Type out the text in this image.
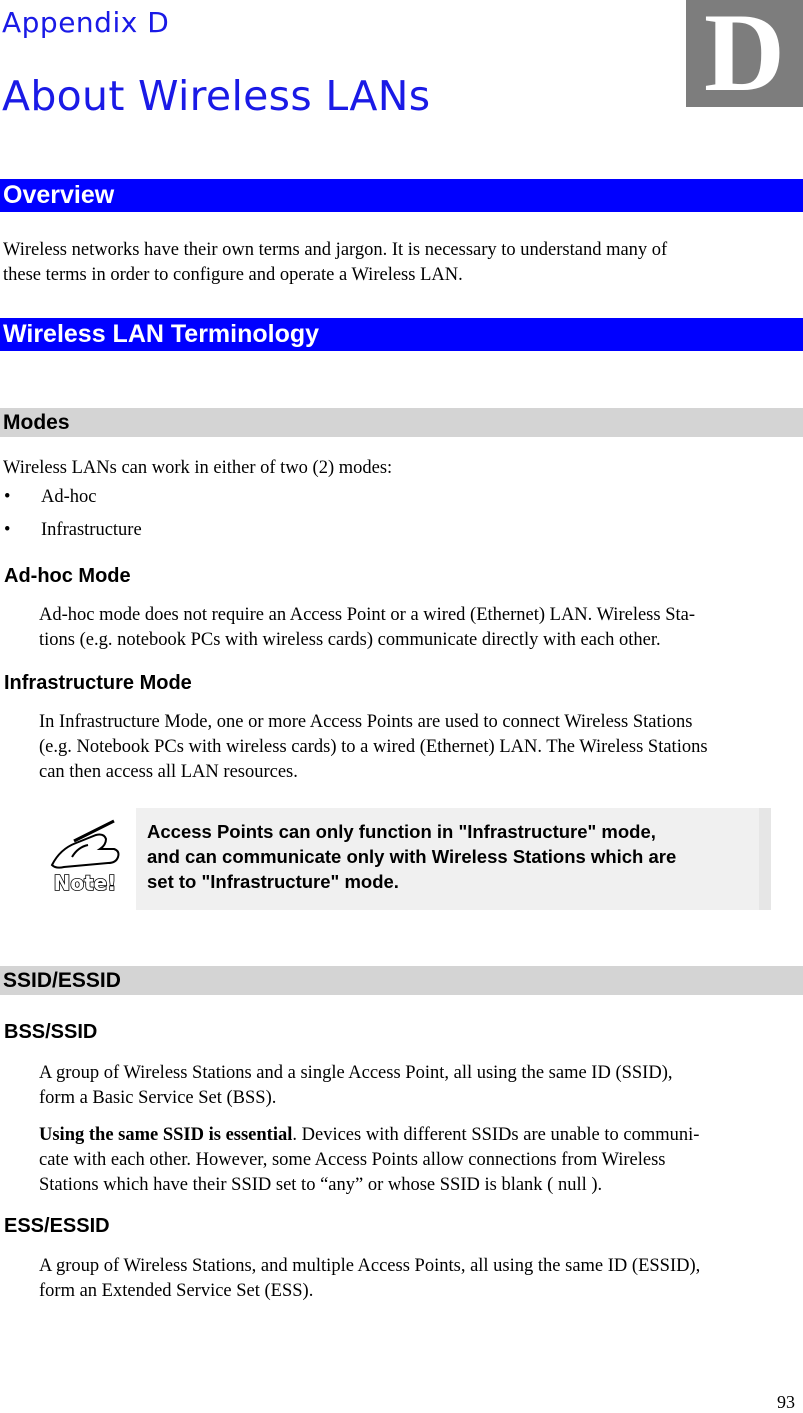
Appendix D
About Wireless LANs D
Overview
Wireless networks have their own terms and jargon. It is necessary to understand many of
these terms in order to configure and operate a Wireless LAN.
Wireless LAN Terminology
Modes
Wireless LANs can work in either of two (2) modes:
• Ad-hoc
• Infrastructure
Ad-hoc Mode
Ad-hoc mode does not require an Access Point or a wired (Ethernet) LAN. Wireless Sta-
tions (e.g. notebook PCs with wireless cards) communicate directly with each other.
Infrastructure Mode
In Infrastructure Mode, one or more Access Points are used to connect Wireless Stations
(e.g. Notebook PCs with wireless cards) to a wired (Ethernet) LAN. The Wireless Stations
can then access all LAN resources.
Note!
Access Points can only function in "Infrastructure" mode,
and can communicate only with Wireless Stations which are
set to "Infrastructure" mode.
SSID/ESSID
BSS/SSID
A group of Wireless Stations and a single Access Point, all using the same ID (SSID),
form a Basic Service Set (BSS).
Using the same SSID is essential. Devices with different SSIDs are unable to communi-
cate with each other. However, some Access Points allow connections from Wireless
Stations which have their SSID set to “any” or whose SSID is blank ( null ).
ESS/ESSID
A group of Wireless Stations, and multiple Access Points, all using the same ID (ESSID),
form an Extended Service Set (ESS).
93
